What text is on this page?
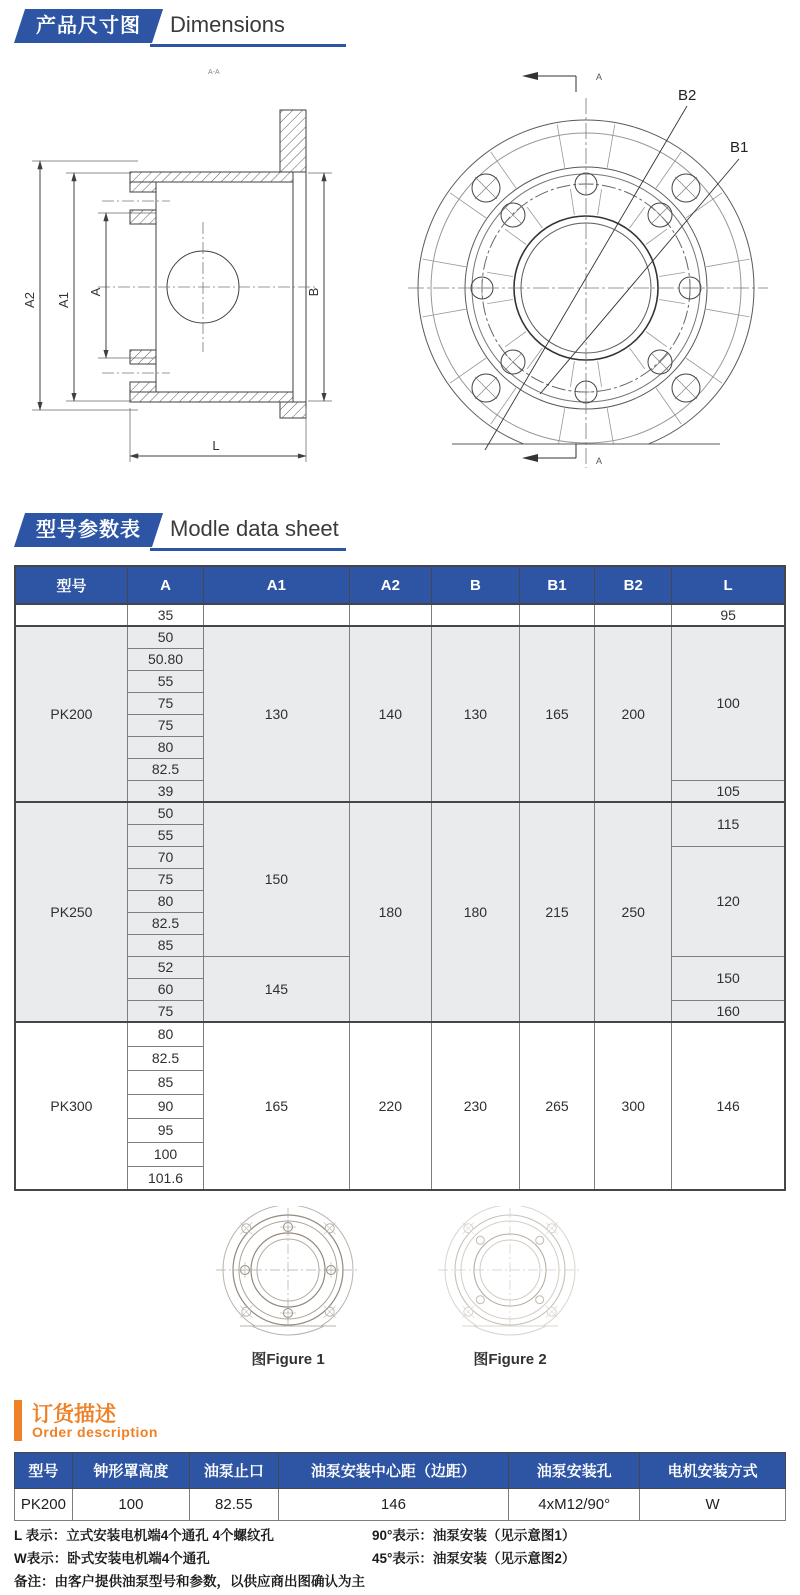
产品尺寸图	Dimensions
A-A
A2 A1
A	B
L
B2
B1
A
A
型号参数表	Modle data sheet
型号	A	A1	A2	B	B1	B2	L
	35						95
PK200	50	130	140	130	165	200	100
	50.80						
	55						
	75						
	75						
	80						
	82.5						
	39						105
PK250	50	150	180	180	215	250	115
	55						
	70						120
	75						
	80						
	82.5						
	85						
	52	145					150
	60						
	75						160
PK300	80	165	220	230	265	300	146
	82.5						
	85						
	90						
	95						
	100						
	101.6						
图Figure 1	图Figure 2
订货描述
Order description
型号	钟形罩高度	油泵止口	油泵安装中心距（边距）	油泵安装孔	电机安装方式
PK200	100	82.55	146	4xM12/90°	W
L 表示：立式安装电机端4个通孔 4个螺纹孔	90°表示：油泵安装（见示意图1）
W表示：卧式安装电机端4个通孔	45°表示：油泵安装（见示意图2）
备注：由客户提供油泵型号和参数，以供应商出图确认为主
